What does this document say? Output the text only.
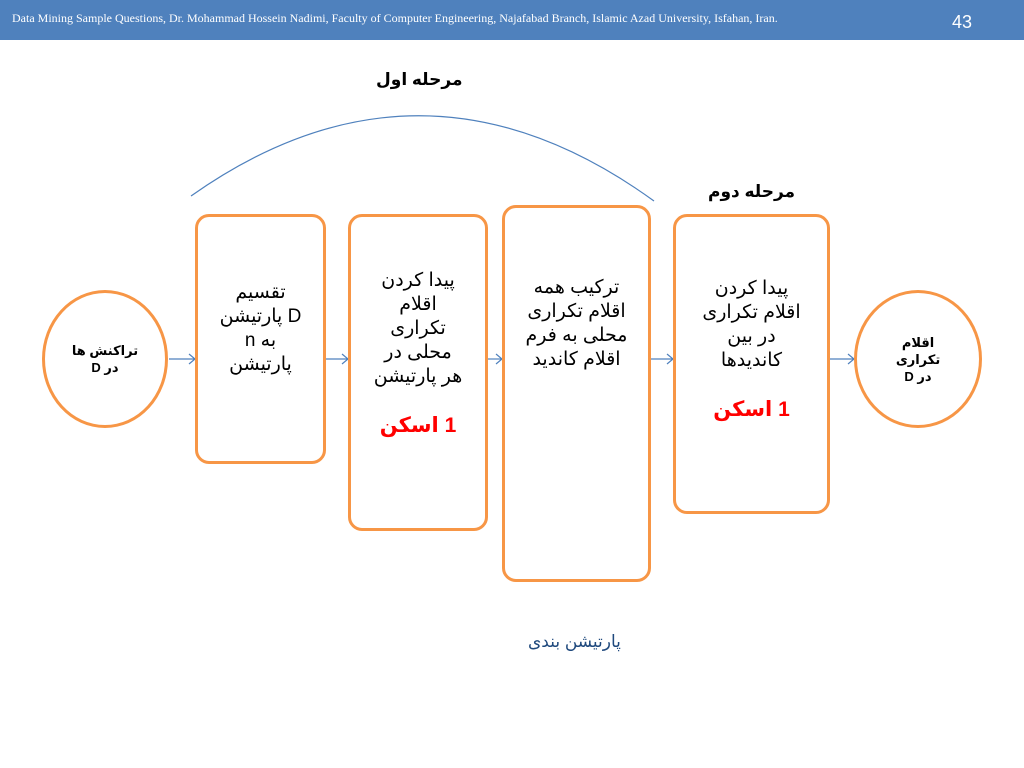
Data Mining Sample Questions, Dr. Mohammad Hossein Nadimi, Faculty of Computer Engineering, Najafabad Branch, Islamic Azad University, Isfahan, Iran.	43
مرحله اول
مرحله دوم
تراکنش ها
در D
تقسیم
D پارتیشن
به n
پارتیشن
پیدا کردن
اقلام
تکراری
محلی در
هر پارتیشن
1 اسکن
ترکیب همه
اقلام تکراری
محلی به فرم
اقلام کاندید
پیدا کردن
اقلام تکراری
در بین
کاندیدها
1 اسکن
اقلام
تکراری
در D
پارتیشن بندی
